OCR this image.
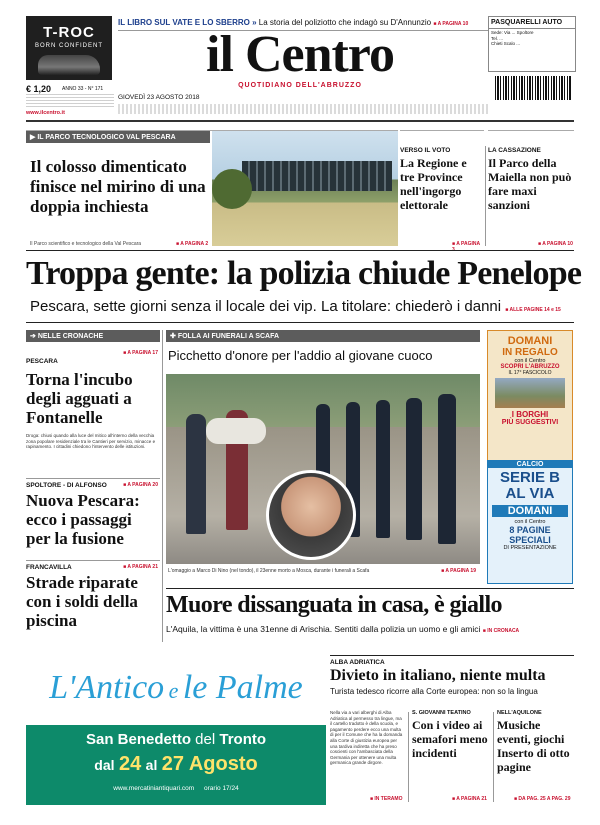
T-ROC
BORN CONFIDENT
IL LIBRO SUL VATE E LO SBERRO » La storia del poliziotto che indagò su D'Annunzio ■ A PAGINA 10
il Centro
QUOTIDIANO DELL'ABRUZZO
€ 1,20 ANNO 33 - N° 171
www.ilcentro.it
GIOVEDÌ 23 AGOSTO 2018
PASQUARELLI AUTO
Sede: Via ... Spoltore
Tel. ...
Chieti Scalo ...
▶ IL PARCO TECNOLOGICO VAL PESCARA
Il colosso dimenticato finisce nel mirino di una doppia inchiesta
Il Parco scientifico e tecnologico della Val Pescara	■ A PAGINA 2
VERSO IL VOTO
La Regione e tre Province nell'ingorgo elettorale
■ A PAGINA
LA CASSAZIONE
Il Parco della Maiella non può fare maxi sanzioni
■ A PAGINA 10
Troppa gente: la polizia chiude Penelope
Pescara, sette giorni senza il locale dei vip. La titolare: chiederò i danni ■ ALLE PAGINE 14 e 15
➔ NELLE CRONACHE
PESCARA
■ A PAGINA 17
Torna l'incubo degli agguati a Fontanelle
Droga: chiusi quando alla luce del mitico all'interno della vecchia zona popolare residenziale tra le Cantieri per servizio, minacce e rapinamento. I cittadini chiedono l'intervento delle istituzioni.
SPOLTORE - DI ALFONSO	■ A PAGINA 20
Nuova Pescara: ecco i passaggi per la fusione
FRANCAVILLA	■ A PAGINA 21
Strade riparate con i soldi della piscina
✚ FOLLA AI FUNERALI A SCAFA
Picchetto d'onore per l'addio al giovane cuoco
L'omaggio a Marco Di Nino (nel tondo), il 23enne morto a Mosca, durante i funerali a Scafa	■ A PAGINA 19
DOMANI
IN REGALO
con il Centro
SCOPRI L'ABRUZZO
IL 17° FASCICOLO
I BORGHI
PIÙ SUGGESTIVI
CALCIO
SERIE B
AL VIA
DOMANI
con il Centro
8 PAGINE
SPECIALI
DI PRESENTAZIONE
Muore dissanguata in casa, è giallo
L'Aquila, la vittima è una 31enne di Arischia. Sentiti dalla polizia un uomo e gli amici ■ IN CRONACA
L'Antico e le Palme
San Benedetto del Tronto
dal 24 al 27 Agosto
www.mercatiniantiquari.com orario 17/24
ALBA ADRIATICA
Divieto in italiano, niente multa
Turista tedesco ricorre alla Corte europea: non so la lingua
Nella via a vari alberghi di Alba Adriatica al permesso tra lingue, ma il cartello tradotto è della scuola, e pagamento perdere ecco una multa di per il Comune che ha la domanda alla Corte di giustizia europea per una tardiva indiretta che ha preso coscienti con l'ambasciata della Germania per ottenere una multa germanica grande dirgore.
■ IN TERAMO
S. GIOVANNI TEATINO
Con i video ai semafori meno incidenti
■ A PAGINA 21
NELL'AQUILONE
Musiche eventi, giochi Inserto di otto pagine
■ DA PAG. 25 A PAG. 29
